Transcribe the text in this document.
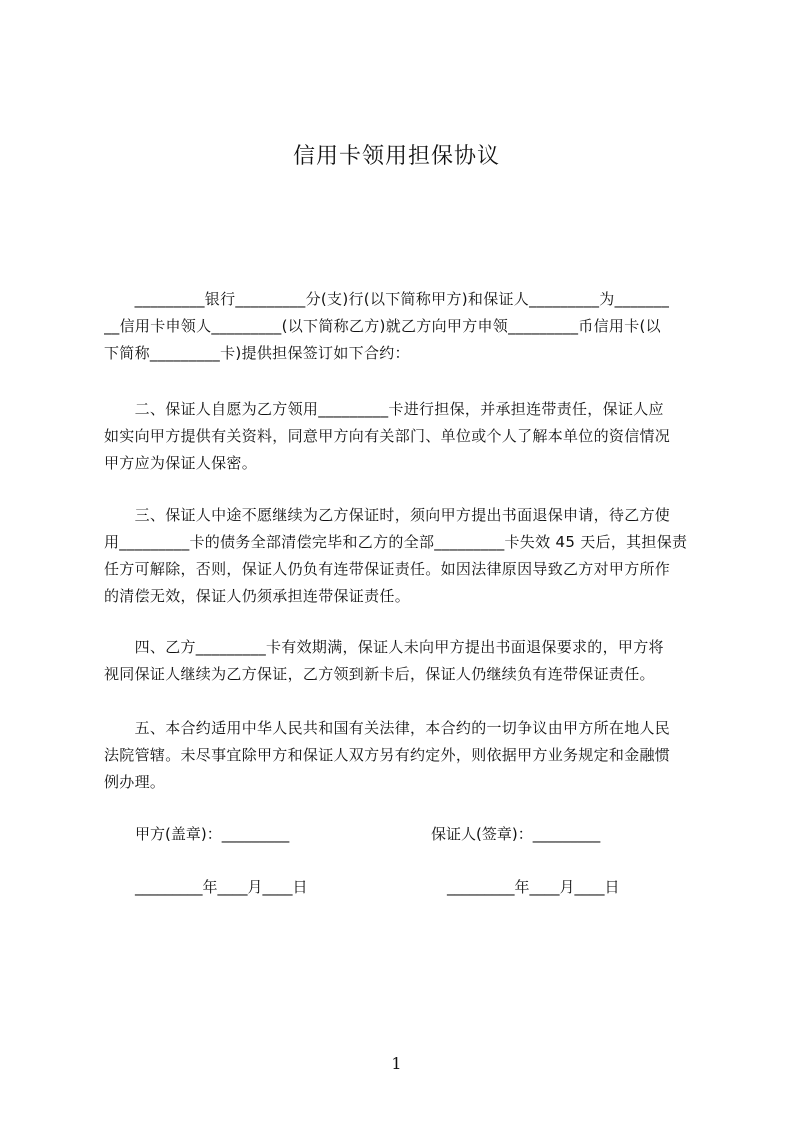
信用卡领用担保协议
　　_________银行_________分(支)行(以下简称甲方)和保证人_________为_______
__信用卡申领人_________(以下简称乙方)就乙方向甲方申领_________币信用卡(以
下简称_________卡)提供担保签订如下合约：
　　二、保证人自愿为乙方领用_________卡进行担保，并承担连带责任，保证人应
如实向甲方提供有关资料，同意甲方向有关部门、单位或个人了解本单位的资信情况
甲方应为保证人保密。
　　三、保证人中途不愿继续为乙方保证时，须向甲方提出书面退保申请，待乙方使
用_________卡的债务全部清偿完毕和乙方的全部_________卡失效 45 天后，其担保责
任方可解除，否则，保证人仍负有连带保证责任。如因法律原因导致乙方对甲方所作
的清偿无效，保证人仍须承担连带保证责任。
　　四、乙方_________卡有效期满，保证人未向甲方提出书面退保要求的，甲方将
视同保证人继续为乙方保证，乙方领到新卡后，保证人仍继续负有连带保证责任。
　　五、本合约适用中华人民共和国有关法律，本合约的一切争议由甲方所在地人民
法院管辖。未尽事宜除甲方和保证人双方另有约定外，则依据甲方业务规定和金融惯
例办理。
甲方(盖章)：_________	保证人(签章)：_________
_________年____月____日	_________年____月____日
1
